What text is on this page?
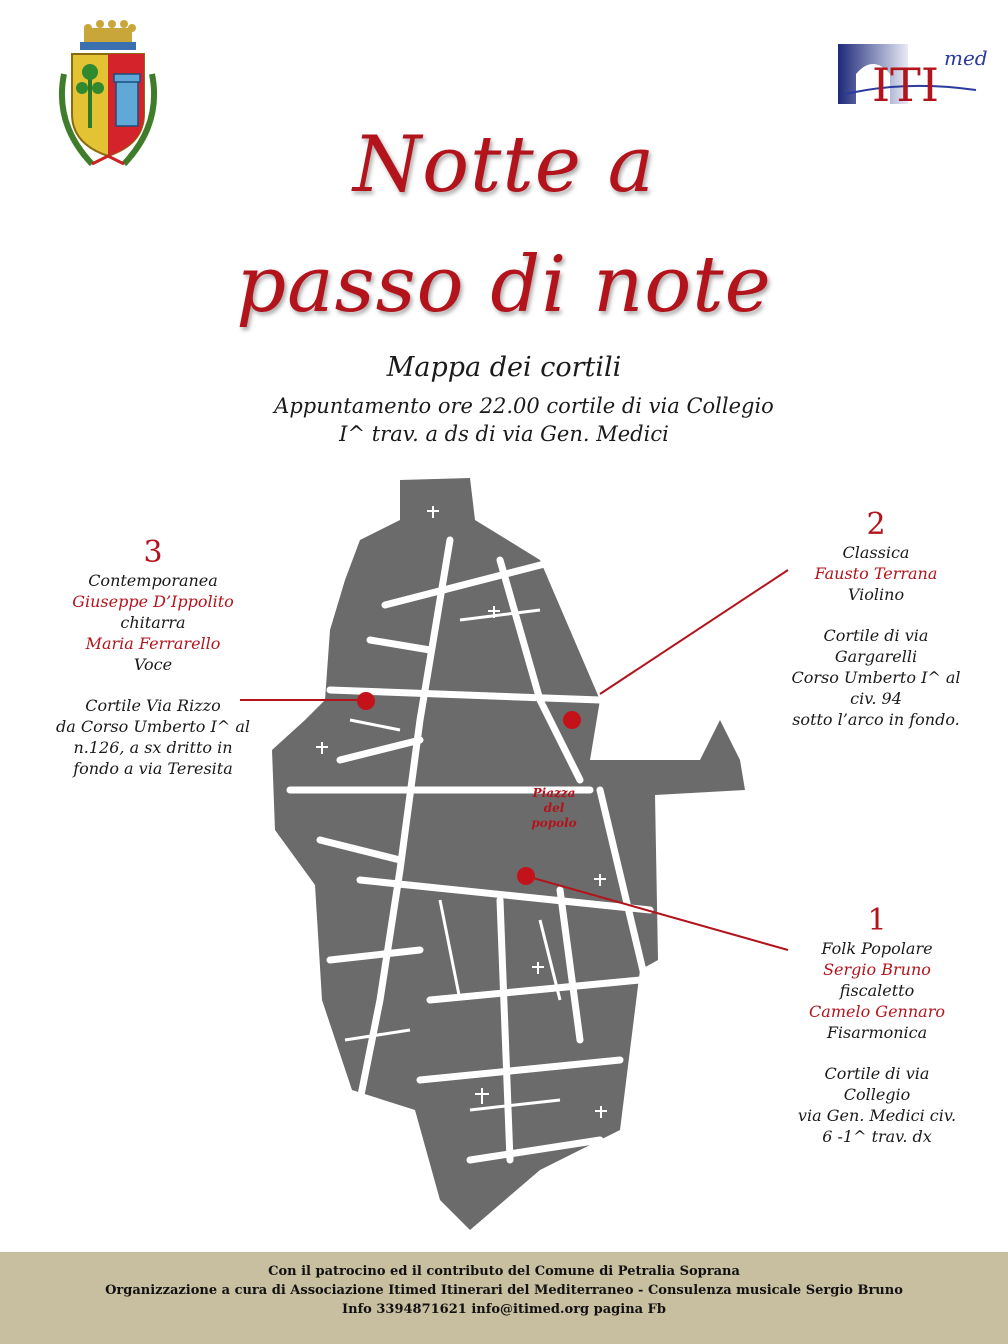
ITI med
Notte a
passo di note
Mappa dei cortili
Appuntamento ore 22.00 cortile di via Collegio
I^ trav. a ds di via Gen. Medici
Piazza
del
popolo
3
Contemporanea
Giuseppe D’Ippolito
chitarra
Maria Ferrarello
Voce
Cortile Via Rizzo
da Corso Umberto I^ al
n.126, a sx dritto in
fondo a via Teresita
2
Classica
Fausto Terrana
Violino
Cortile di via
Gargarelli
Corso Umberto I^ al
civ. 94
sotto l’arco in fondo.
1
Folk Popolare
Sergio Bruno
fiscaletto
Camelo Gennaro
Fisarmonica
Cortile di via
Collegio
via Gen. Medici civ.
6 -1^ trav. dx
Con il patrocino ed il contributo del Comune di Petralia Soprana
Organizzazione a cura di Associazione Itimed Itinerari del Mediterraneo - Consulenza musicale Sergio Bruno
Info 3394871621 info@itimed.org pagina Fb
